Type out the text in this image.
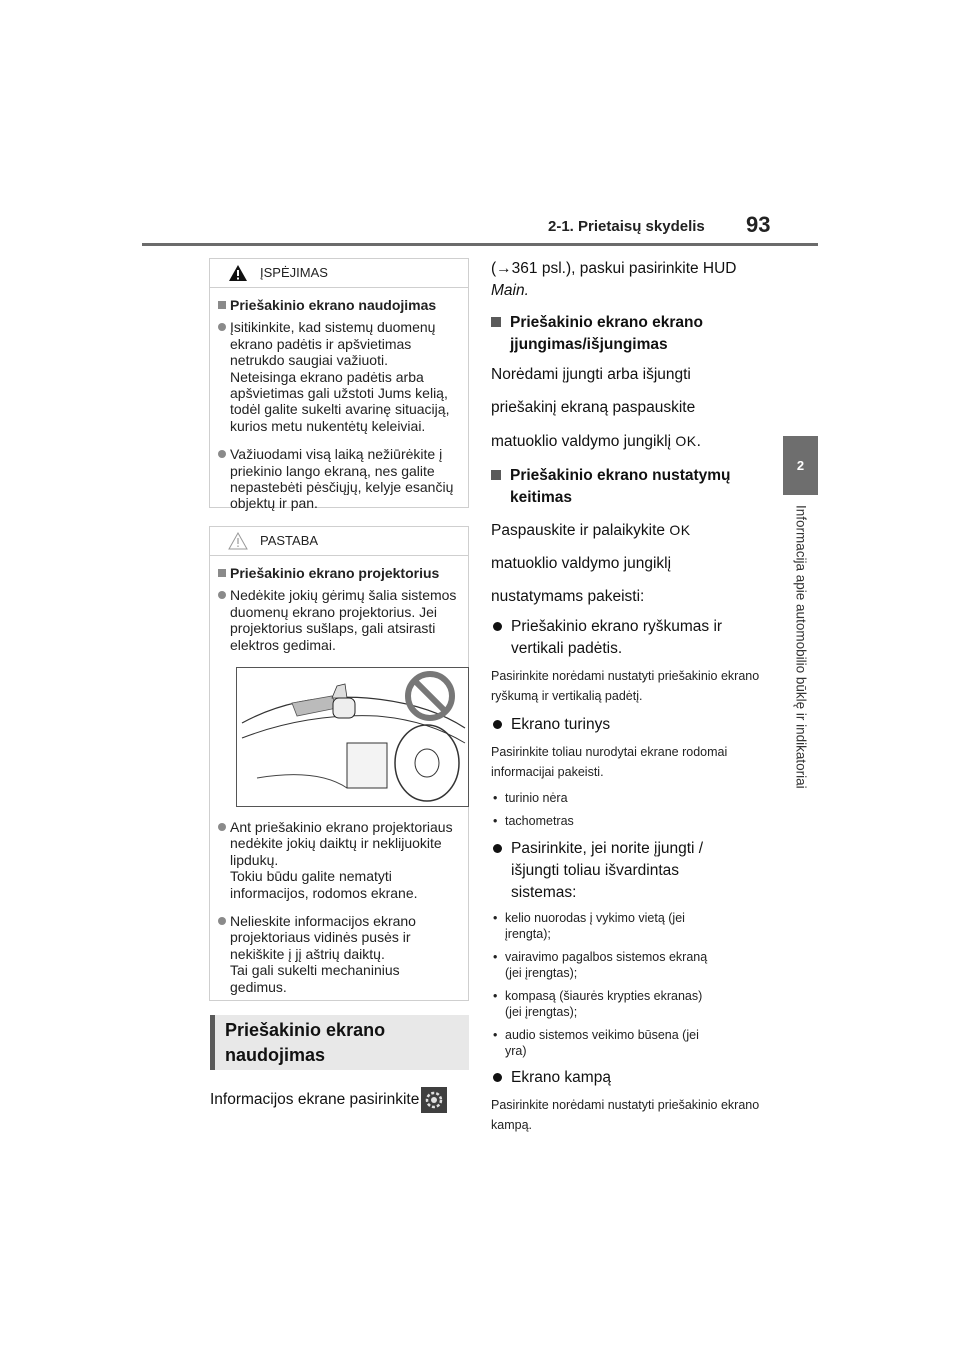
2-1. Prietaisų skydelis 93
2
Informacija apie automobilio būklę ir indikatoriai
ĮSPĖJIMAS
Priešakinio ekrano naudojimas
Įsitikinkite, kad sistemų duomenų ekrano padėtis ir apšvietimas netrukdo saugiai važiuoti.
Neteisinga ekrano padėtis arba apšvietimas gali užstoti Jums kelią, todėl galite sukelti avarinę situaciją, kurios metu nukentėtų keleiviai.
Važiuodami visą laiką nežiūrėkite į priekinio lango ekraną, nes galite nepastebėti pėsčiųjų, kelyje esančių objektų ir pan.
PASTABA
Priešakinio ekrano projektorius
Nedėkite jokių gėrimų šalia sistemos duomenų ekrano projektorius. Jei projektorius sušlaps, gali atsirasti elektros gedimai.
Ant priešakinio ekrano projektoriaus nedėkite jokių daiktų ir neklijuokite lipdukų.
Tokiu būdu galite nematyti informacijos, rodomos ekrane.
Nelieskite informacijos ekrano projektoriaus vidinės pusės ir nekiškite į jį aštrių daiktų.
Tai gali sukelti mechaninius gedimus.
Priešakinio ekrano naudojimas
Informacijos ekrane pasirinkite
(→361 psl.), paskui pasirinkite HUD
Main.
Priešakinio ekrano ekrano
jjungimas/išjungimas
Norėdami įjungti arba išjungti
priešakinį ekraną paspauskite
matuoklio valdymo jungiklį OK.
Priešakinio ekrano nustatymų
keitimas
Paspauskite ir palaikykite OK
matuoklio valdymo jungiklį
nustatymams pakeisti:
Priešakinio ekrano ryškumas ir
vertikali padėtis.
Pasirinkite norėdami nustatyti priešakinio ekrano ryškumą ir vertikalią padėtį.
Ekrano turinys
Pasirinkite toliau nurodytai ekrane rodomai informacijai pakeisti.
• turinio nėra
• tachometras
Pasirinkite, jei norite įjungti /
išjungti toliau išvardintas
sistemas:
• kelio nuorodas į vykimo vietą (jei
įrengta);
• vairavimo pagalbos sistemos ekraną
(jei įrengtas);
• kompasą (šiaurės krypties ekranas)
(jei įrengtas);
• audio sistemos veikimo būsena (jei
yra)
Ekrano kampą
Pasirinkite norėdami nustatyti priešakinio ekrano kampą.
